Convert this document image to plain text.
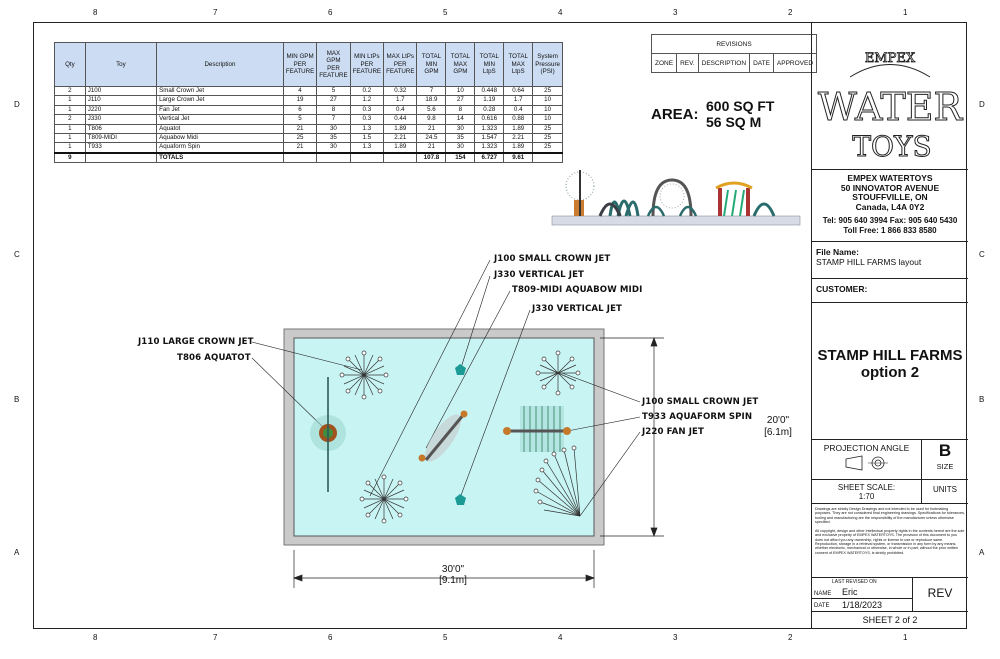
8	7	6	5	4	3	2	1
8	7	6	5	4	3	2	1
D
C
B
A
D
C
B
A
Qty	Toy	Description	MIN GPM PER FEATURE	MAX GPM PER FEATURE	MIN LtPs PER FEATURE	MAX LtPs PER FEATURE	TOTAL MIN GPM	TOTAL MAX GPM	TOTAL MIN LtpS	TOTAL MAX LtpS	System Pressure (PSI)
2	J100	Small Crown Jet	4	5	0.2	0.32	7	10	0.448	0.64	25
1	J110	Large Crown Jet	19	27	1.2	1.7	18.9	27	1.19	1.7	10
1	J220	Fan Jet	6	8	0.3	0.4	5.6	8	0.28	0.4	10
2	J330	Vertical Jet	5	7	0.3	0.44	9.8	14	0.616	0.88	10
1	T806	Aquatot	21	30	1.3	1.89	21	30	1.323	1.89	25
1	T809-MIDI	Aquabow Midi	25	35	1.5	2.21	24.5	35	1.547	2.21	25
1	T933	Aquaform Spin	21	30	1.3	1.89	21	30	1.323	1.89	25
9		TOTALS					107.8	154	6.727	9.61	
REVISIONS
ZONE	REV.	DESCRIPTION	DATE	APPROVED
AREA: 600 SQ FT
56 SQ M
J100 SMALL CROWN JET
J330 VERTICAL JET
T809-MIDI AQUABOW MIDI
J330 VERTICAL JET
J110 LARGE CROWN JET
T806 AQUATOT
J100 SMALL CROWN JET
T933 AQUAFORM SPIN
J220 FAN JET
30'0"
[9.1m]
20'0"
[6.1m]
EMPEX
WATER
TOYS
EMPEX WATERTOYS
50 INNOVATOR AVENUE
STOUFFVILLE, ON
Canada, L4A 0Y2
Tel: 905 640 3994 Fax: 905 640 5430
Toll Free: 1 866 833 8580
File Name:
STAMP HILL FARMS layout
CUSTOMER:
STAMP HILL FARMS
option 2
PROJECTION ANGLE	B
SIZE
SHEET SCALE:
1:70
UNITS
Drawings are strictly Design Drawings and not intended to be used for footmaking purposes. They are not considered final engineering drawings. Specifications for tolerances, tooling and manufacturing are the responsibility of the manufacturer unless otherwise specified.
All copyright, design and other intellectual property rights in the contents hereof are the sole and exclusive property of EMPEX WATERTOYS. The provision of this document to you does not afford you any ownership, rights or license to use or reproduce same. Reproduction, storage in a retrieval system, or transmission in any form by any means, whether electronic, mechanical or otherwise, in whole or in part, without the prior written consent of EMPEX WATERTOYS, is strictly prohibited.
LAST REVISED ON
NAME Eric
DATE 1/18/2023
REV
SHEET 2 of 2
